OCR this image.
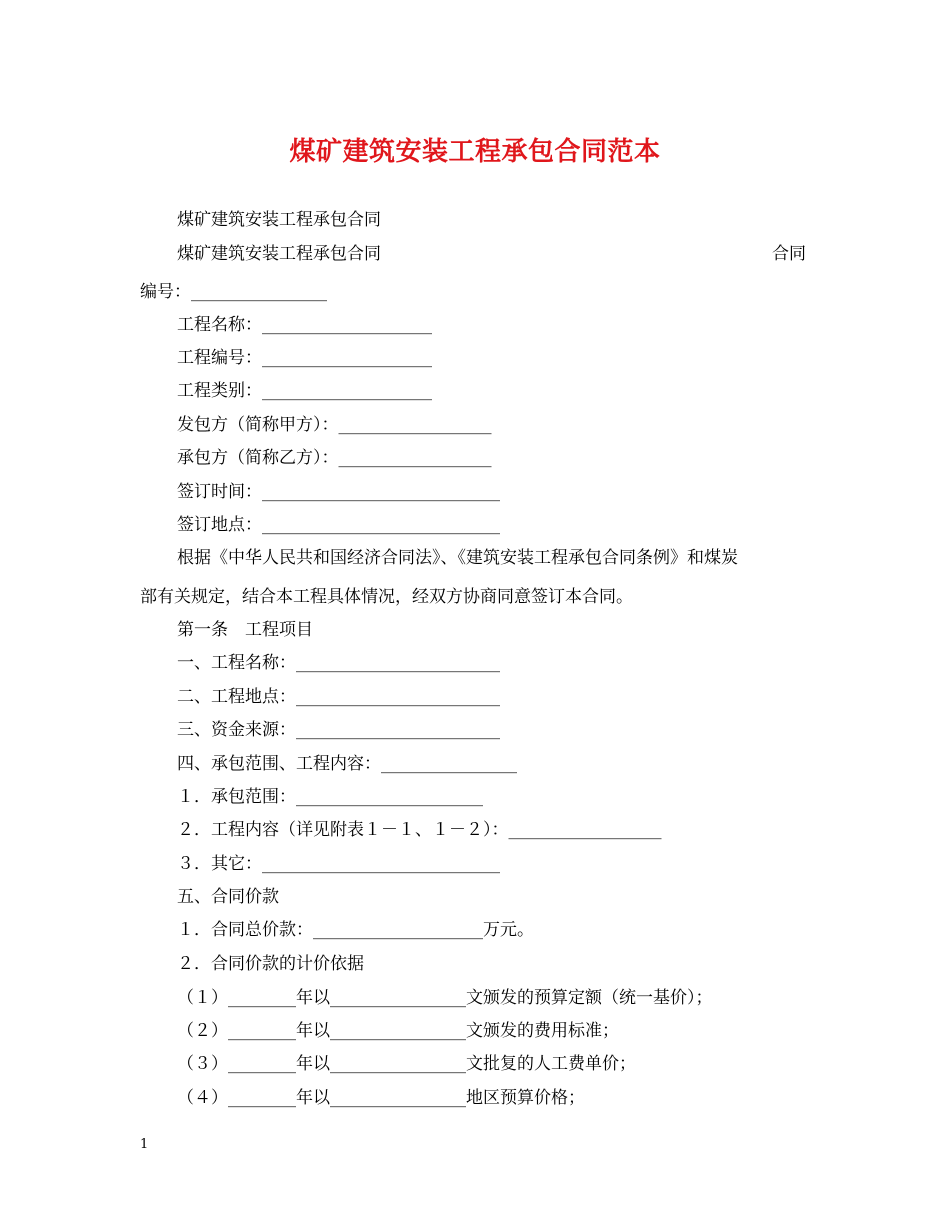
煤矿建筑安装工程承包合同范本
煤矿建筑安装工程承包合同
煤矿建筑安装工程承包合同	合同
编号：________________
工程名称：____________________
工程编号：____________________
工程类别：____________________
发包方（简称甲方）：__________________
承包方（简称乙方）：__________________
签订时间：____________________________
签订地点：____________________________
根据《中华人民共和国经济合同法》、《建筑安装工程承包合同条例》和煤炭
部有关规定，结合本工程具体情况，经双方协商同意签订本合同。
第一条　工程项目
一、工程名称：________________________
二、工程地点：________________________
三、资金来源：________________________
四、承包范围、工程内容：________________
１．承包范围：______________________
２．工程内容（详见附表１－１、１－２）：__________________
３．其它：____________________________
五、合同价款
１．合同总价款：____________________万元。
２．合同价款的计价依据
（１）________年以________________文颁发的预算定额（统一基价）；
（２）________年以________________文颁发的费用标准；
（３）________年以________________文批复的人工费单价；
（４）________年以________________地区预算价格；
1
